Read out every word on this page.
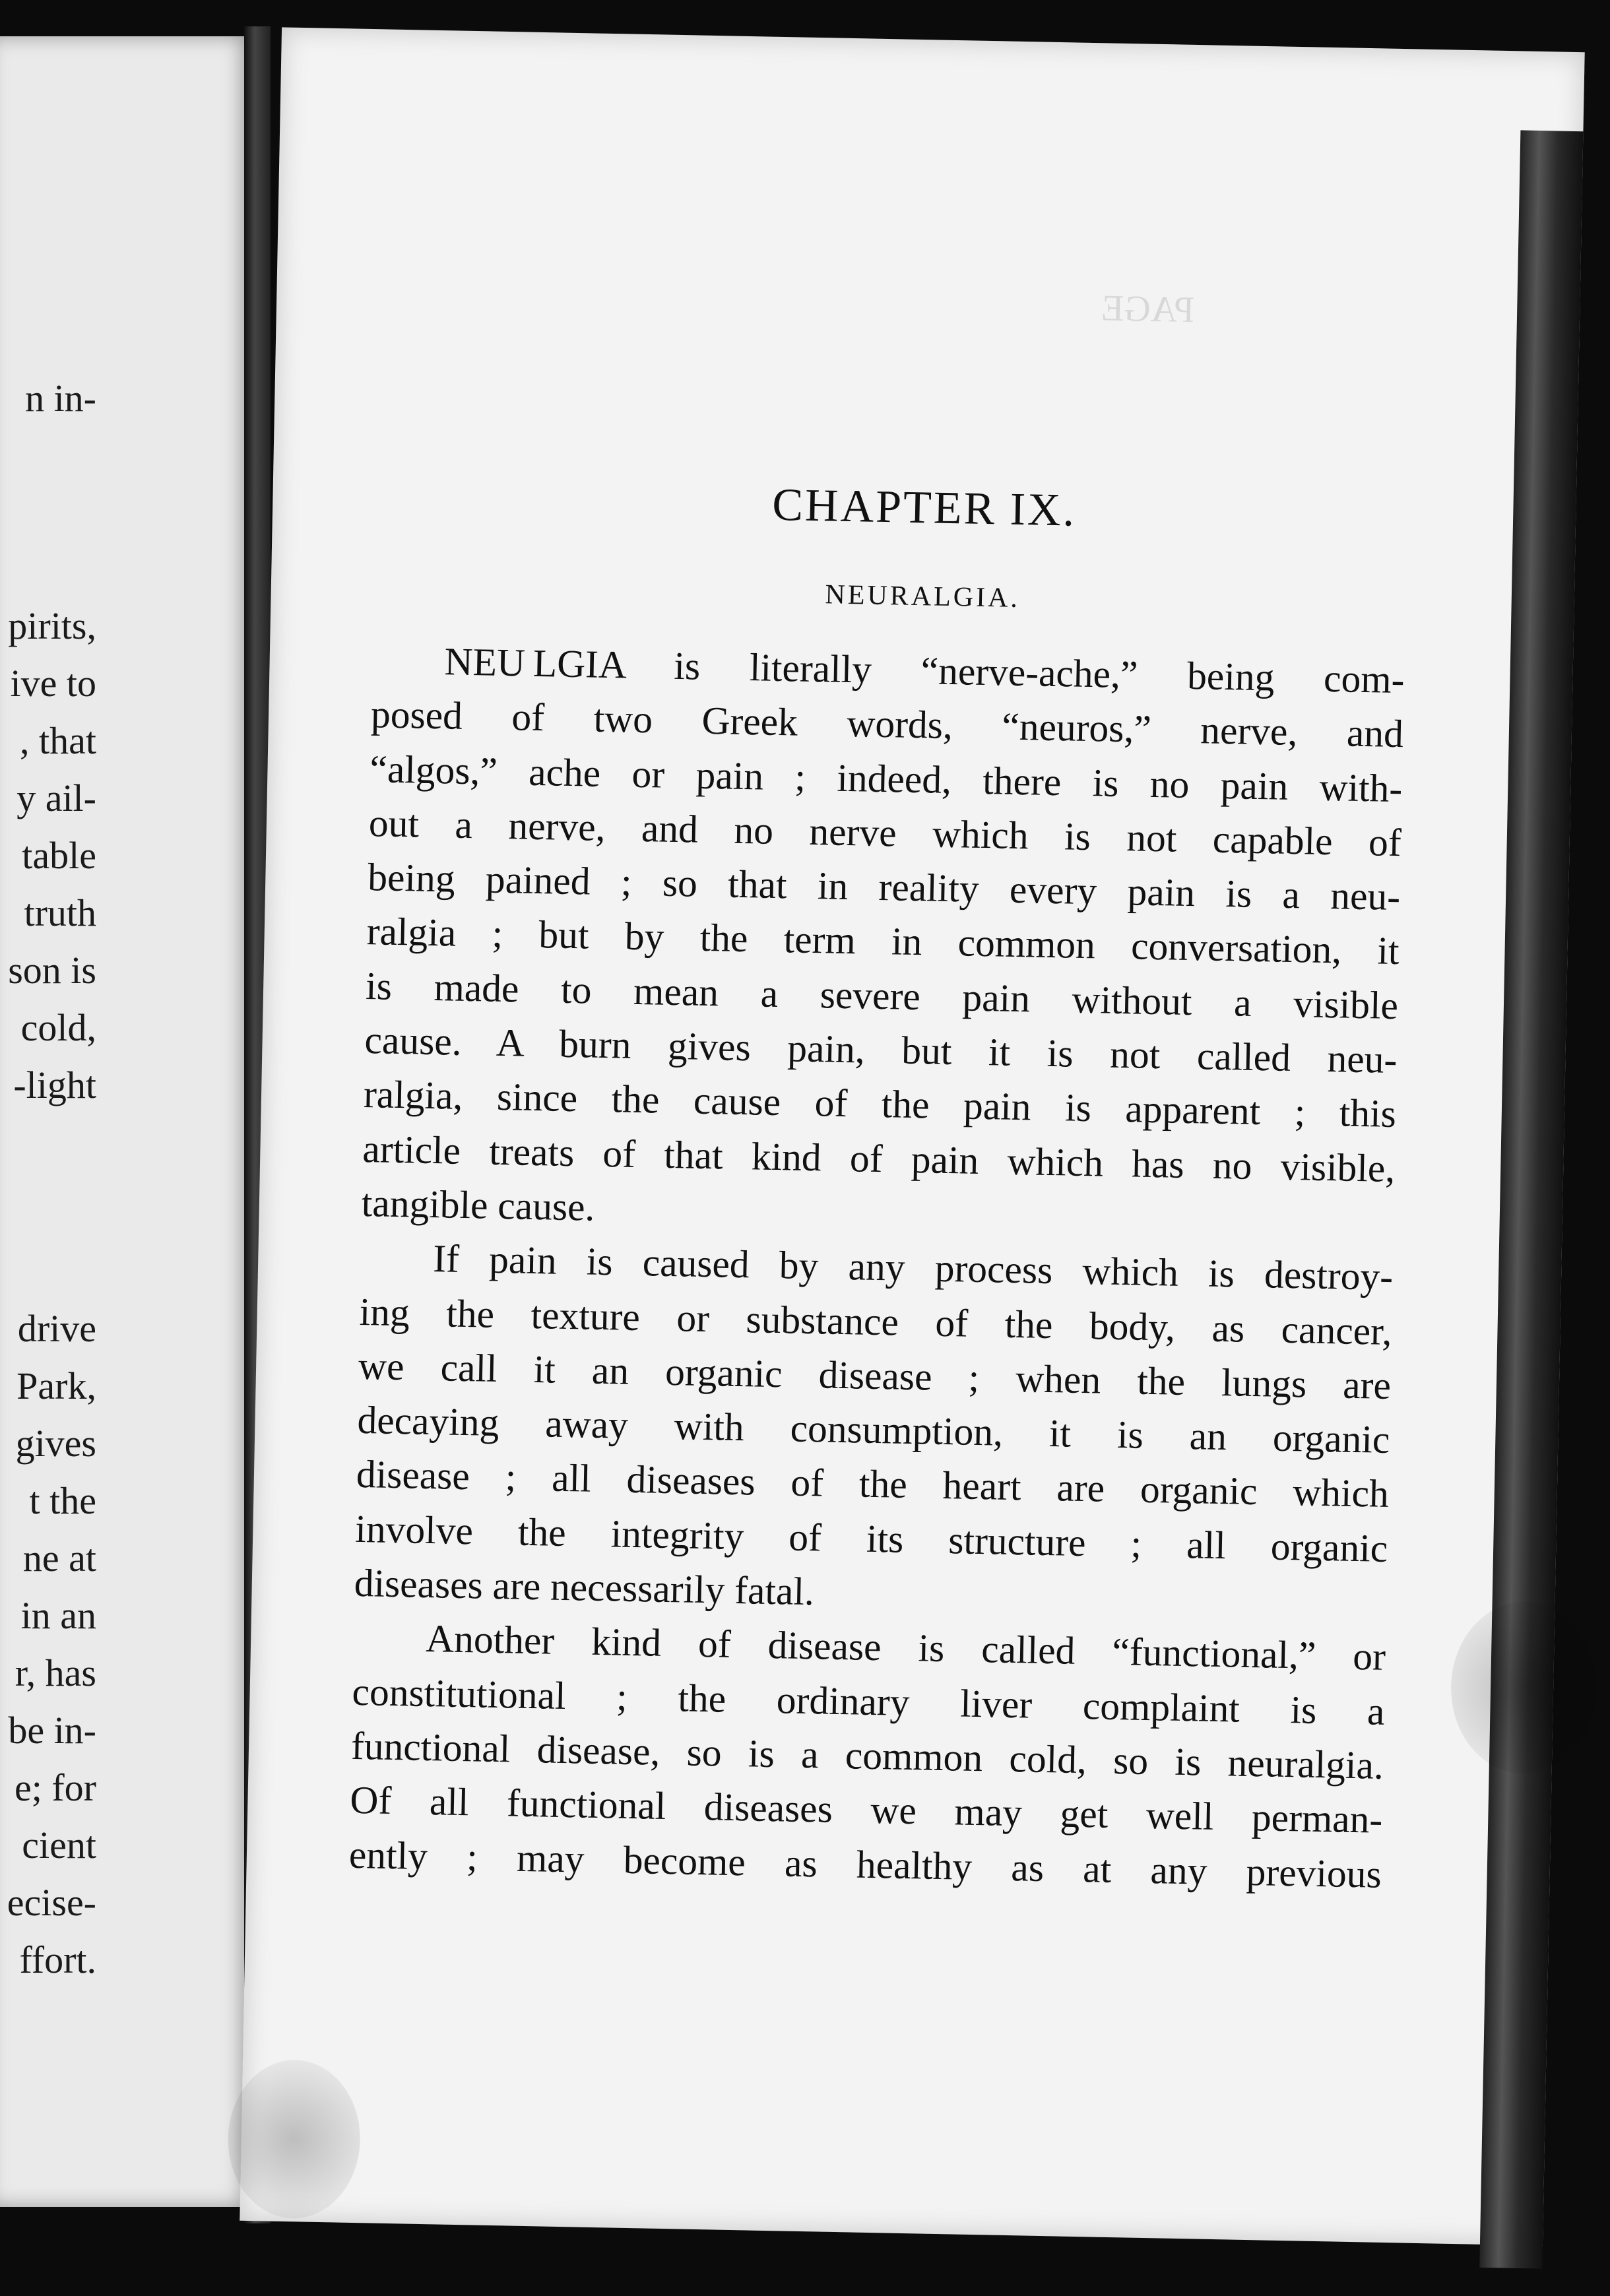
n in-
pirits,
ive to
, that
y ail-
table
truth
son is
cold,
-light
drive
Park,
gives
t the
ne at
in an
r, has
be in-
e; for
cient
ecise-
ffort.
PAGE
CHAPTER IX.
NEURALGIA.
NEU LGIA is literally “nerve-ache,” being com-
posed of two Greek words, “neuros,” nerve, and
“algos,” ache or pain ; indeed, there is no pain with-
out a nerve, and no nerve which is not capable of
being pained ; so that in reality every pain is a neu-
ralgia ; but by the term in common conversation, it
is made to mean a severe pain without a visible
cause. A burn gives pain, but it is not called neu-
ralgia, since the cause of the pain is apparent ; this
article treats of that kind of pain which has no visible,
tangible cause.
If pain is caused by any process which is destroy-
ing the texture or substance of the body, as cancer,
we call it an organic disease ; when the lungs are
decaying away with consumption, it is an organic
disease ; all diseases of the heart are organic which
involve the integrity of its structure ; all organic
diseases are necessarily fatal.
Another kind of disease is called “functional,” or
constitutional ; the ordinary liver complaint is a
functional disease, so is a common cold, so is neuralgia.
Of all functional diseases we may get well perman-
ently ; may become as healthy as at any previous
